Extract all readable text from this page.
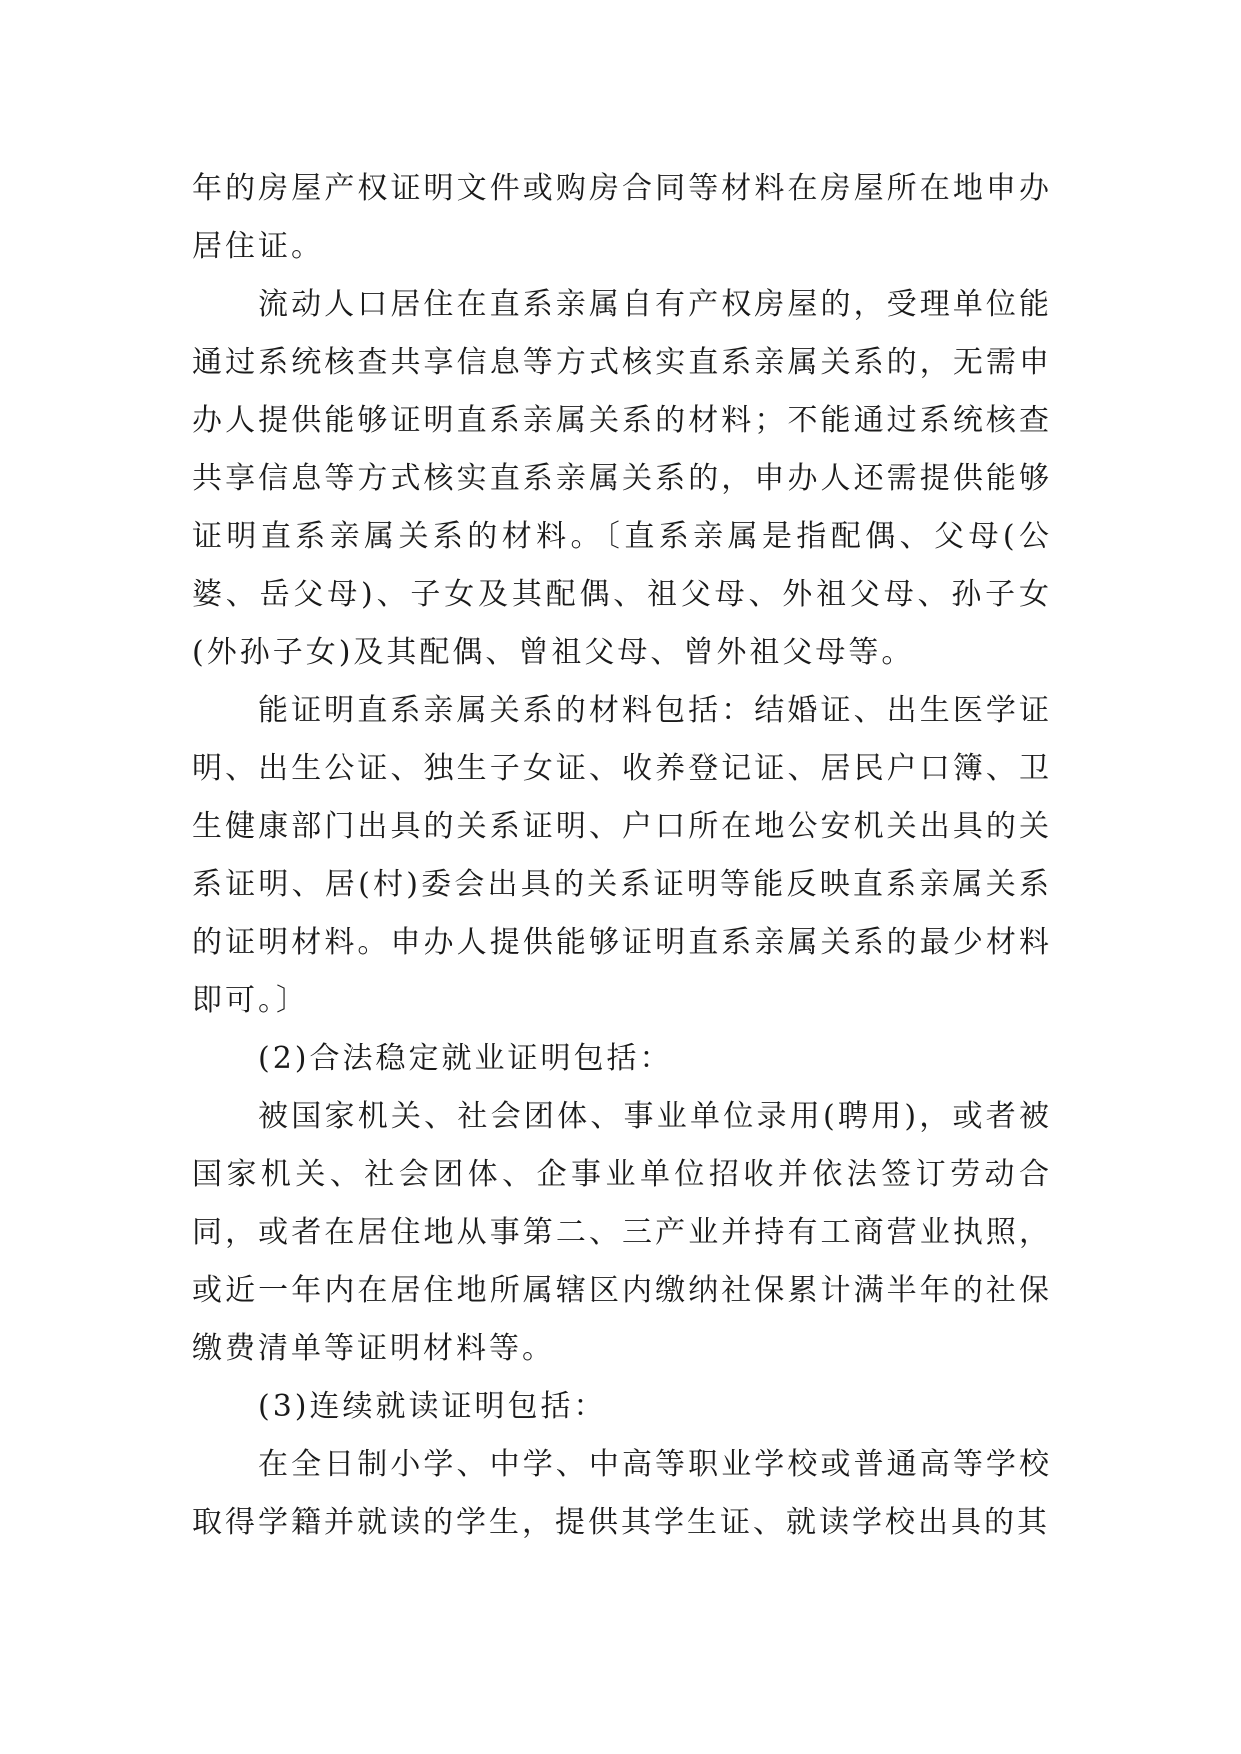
年的房屋产权证明文件或购房合同等材料在房屋所在地申办居住证。

流动人口居住在直系亲属自有产权房屋的，受理单位能通过系统核查共享信息等方式核实直系亲属关系的，无需申办人提供能够证明直系亲属关系的材料；不能通过系统核查共享信息等方式核实直系亲属关系的，申办人还需提供能够证明直系亲属关系的材料。〔直系亲属是指配偶、父母(公婆、岳父母)、子女及其配偶、祖父母、外祖父母、孙子女(外孙子女)及其配偶、曾祖父母、曾外祖父母等。

能证明直系亲属关系的材料包括：结婚证、出生医学证明、出生公证、独生子女证、收养登记证、居民户口簿、卫生健康部门出具的关系证明、户口所在地公安机关出具的关系证明、居(村)委会出具的关系证明等能反映直系亲属关系的证明材料。申办人提供能够证明直系亲属关系的最少材料即可。〕

(2)合法稳定就业证明包括：

被国家机关、社会团体、事业单位录用(聘用)，或者被国家机关、社会团体、企事业单位招收并依法签订劳动合同，或者在居住地从事第二、三产业并持有工商营业执照，或近一年内在居住地所属辖区内缴纳社保累计满半年的社保缴费清单等证明材料等。

(3)连续就读证明包括：

在全日制小学、中学、中高等职业学校或普通高等学校取得学籍并就读的学生，提供其学生证、就读学校出具的其
